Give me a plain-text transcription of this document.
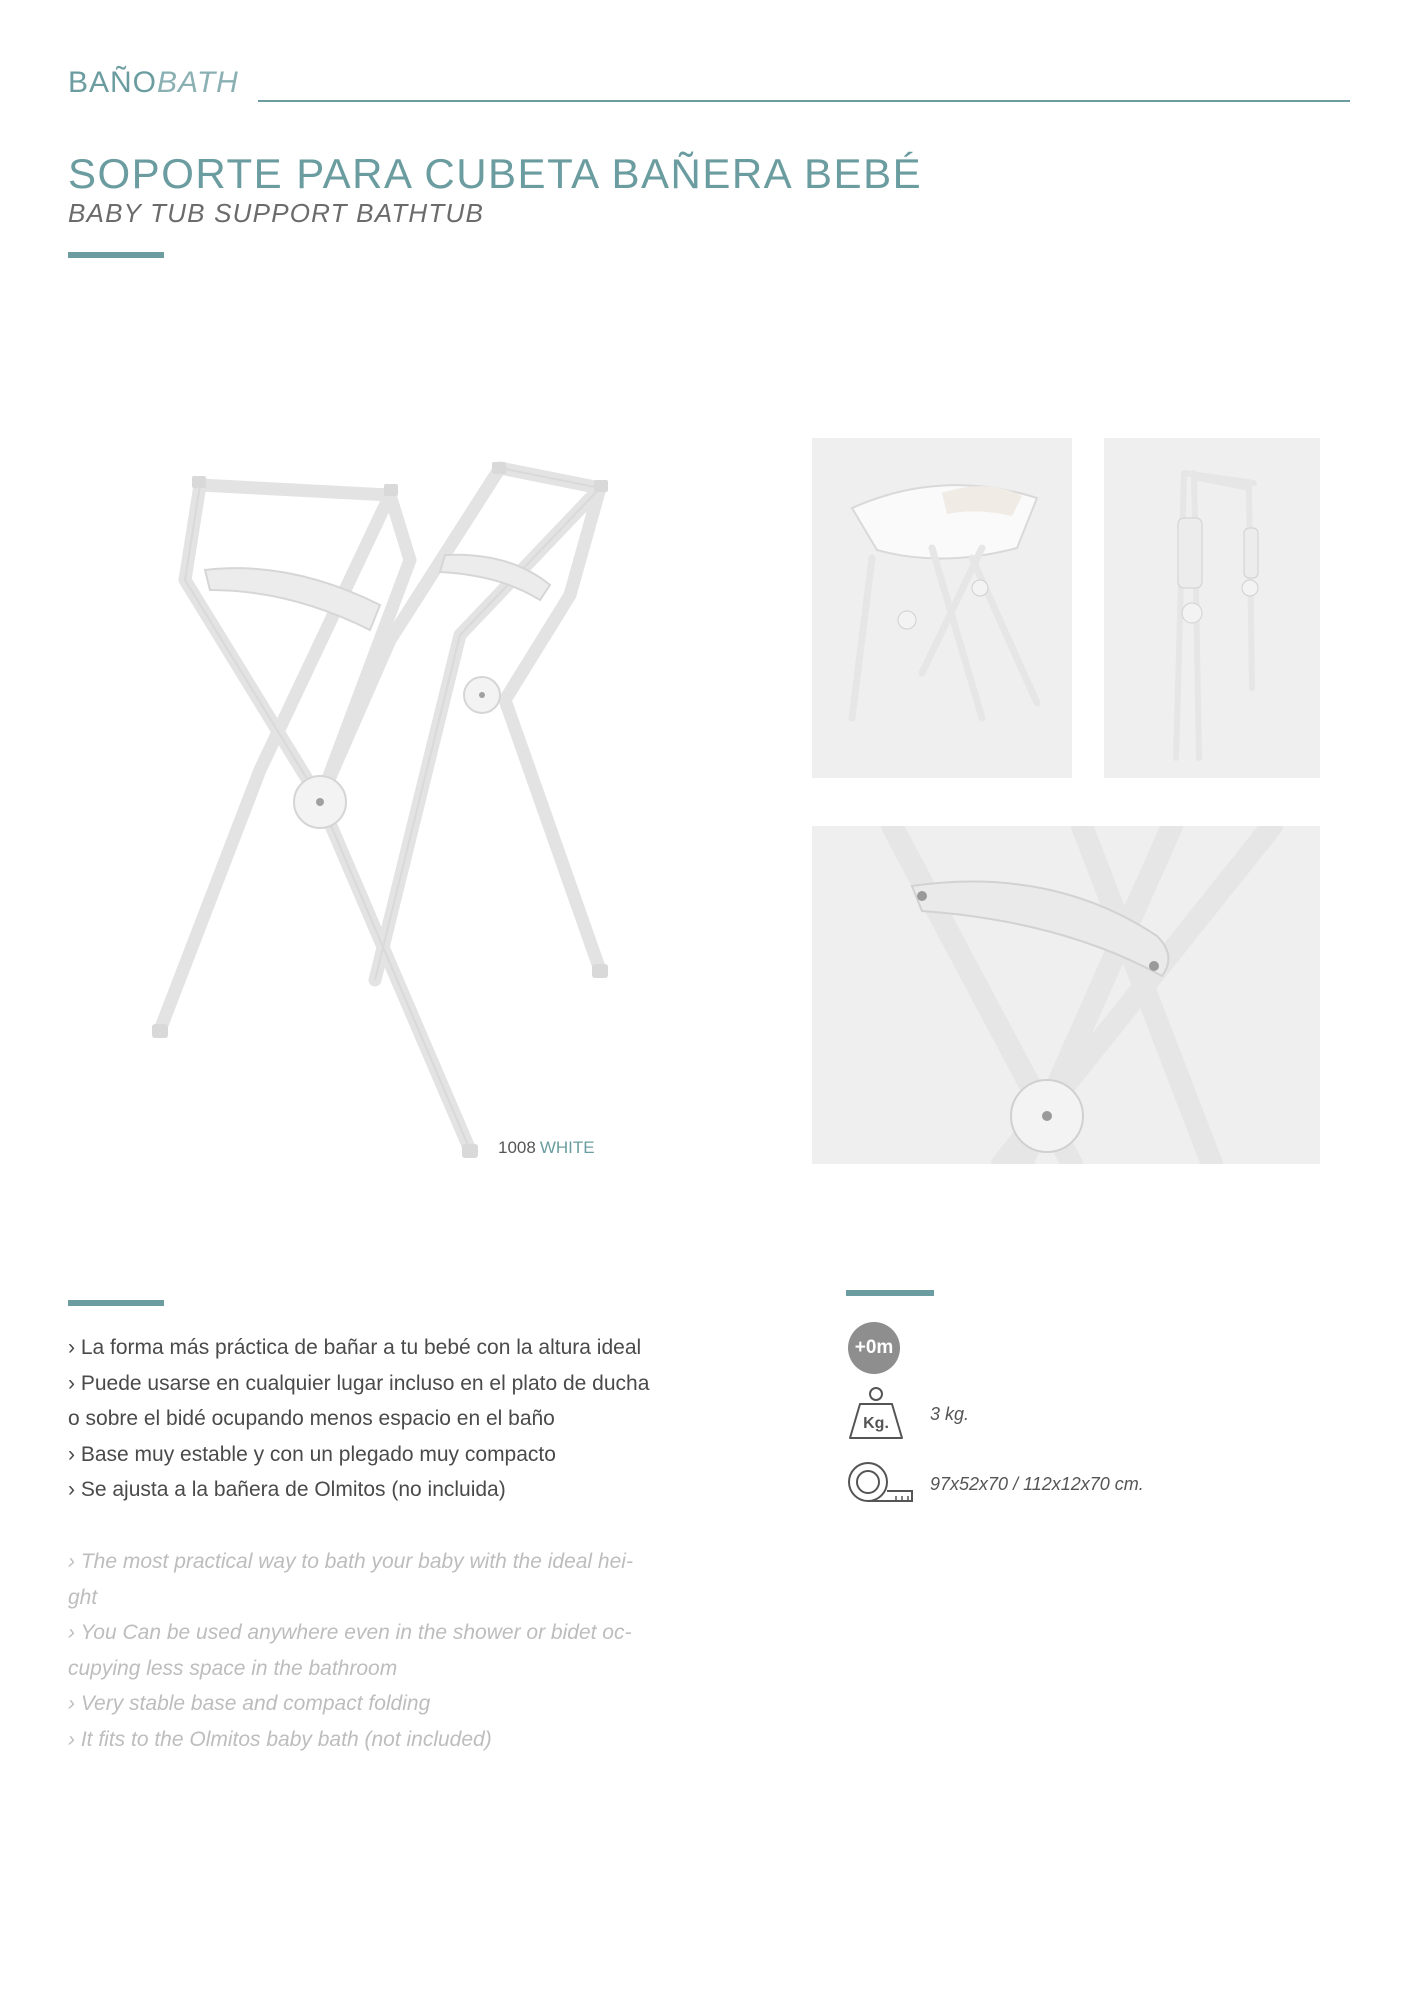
BAÑOBATH
SOPORTE PARA CUBETA BAÑERA BEBÉ
BABY TUB SUPPORT BATHTUB
1008 WHITE
› La forma más práctica de bañar a tu bebé con la altura ideal
› Puede usarse en cualquier lugar incluso en el plato de ducha
o sobre el bidé ocupando menos espacio en el baño
› Base muy estable y con un plegado muy compacto
› Se ajusta a la bañera de Olmitos (no incluida)
› The most practical way to bath your baby with the ideal hei-
ght
› You Can be used anywhere even in the shower or bidet oc-
cupying less space in the bathroom
› Very stable base and compact folding
› It fits to the Olmitos baby bath (not included)
+0m
Kg. 3 kg.
97x52x70 / 112x12x70 cm.
